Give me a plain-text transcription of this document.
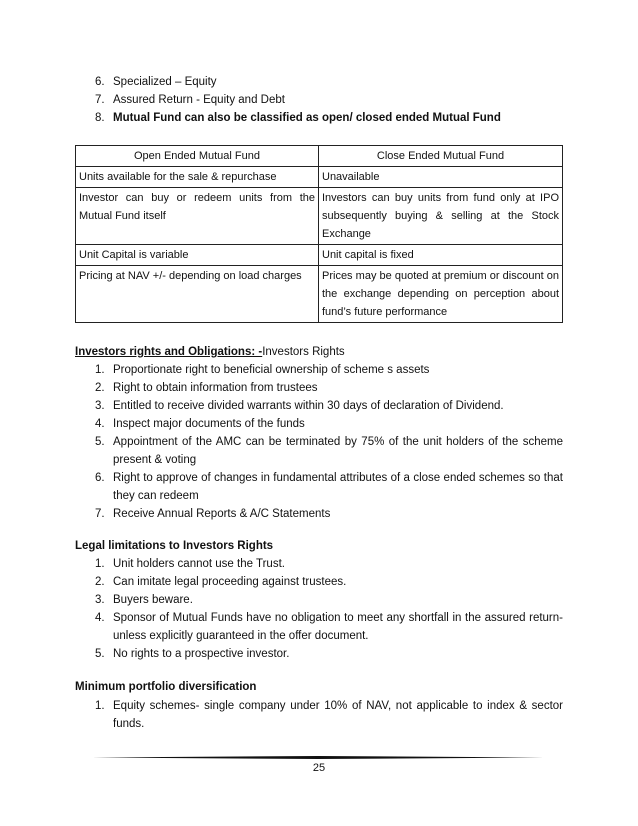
6. Specialized – Equity
7. Assured Return - Equity and Debt
8. Mutual Fund can also be classified as open/ closed ended Mutual Fund
Open Ended Mutual Fund	Close Ended Mutual Fund
Units available for the sale & repurchase	Unavailable
Investor can buy or redeem units from the Mutual Fund itself	Investors can buy units from fund only at IPO subsequently buying & selling at the Stock Exchange
Unit Capital is variable	Unit capital is fixed
Pricing at NAV +/- depending on load charges	Prices may be quoted at premium or discount on the exchange depending on perception about fund’s future performance
Investors rights and Obligations: -Investors Rights
1. Proportionate right to beneficial ownership of scheme s assets
2. Right to obtain information from trustees
3. Entitled to receive divided warrants within 30 days of declaration of Dividend.
4. Inspect major documents of the funds
5. Appointment of the AMC can be terminated by 75% of the unit holders of the scheme present & voting
6. Right to approve of changes in fundamental attributes of a close ended schemes so that they can redeem
7. Receive Annual Reports & A/C Statements
Legal limitations to Investors Rights
1. Unit holders cannot use the Trust.
2. Can imitate legal proceeding against trustees.
3. Buyers beware.
4. Sponsor of Mutual Funds have no obligation to meet any shortfall in the assured return- unless explicitly guaranteed in the offer document.
5. No rights to a prospective investor.
Minimum portfolio diversification
1. Equity schemes- single company under 10% of NAV, not applicable to index & sector funds.
25
